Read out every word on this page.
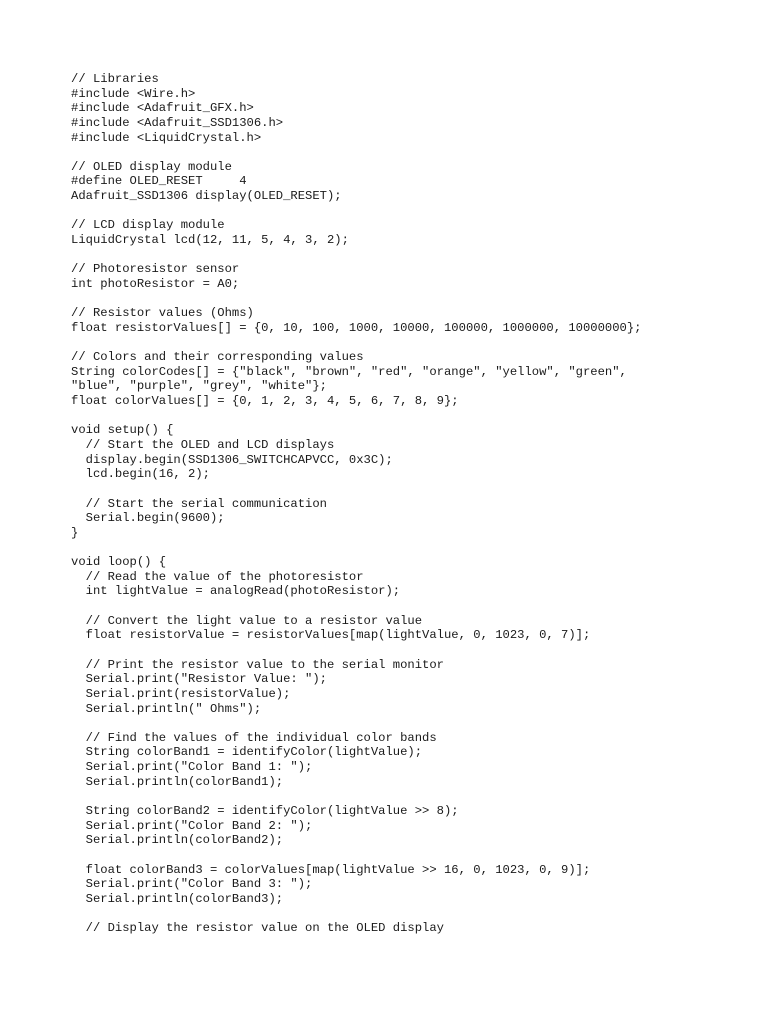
// Libraries
#include <Wire.h>
#include <Adafruit_GFX.h>
#include <Adafruit_SSD1306.h>
#include <LiquidCrystal.h>
// OLED display module
#define OLED_RESET     4
Adafruit_SSD1306 display(OLED_RESET);
// LCD display module
LiquidCrystal lcd(12, 11, 5, 4, 3, 2);
// Photoresistor sensor
int photoResistor = A0;
// Resistor values (Ohms)
float resistorValues[] = {0, 10, 100, 1000, 10000, 100000, 1000000, 10000000};
// Colors and their corresponding values
String colorCodes[] = {"black", "brown", "red", "orange", "yellow", "green",
"blue", "purple", "grey", "white"};
float colorValues[] = {0, 1, 2, 3, 4, 5, 6, 7, 8, 9};
void setup() {
// Start the OLED and LCD displays
display.begin(SSD1306_SWITCHCAPVCC, 0x3C);
lcd.begin(16, 2);
// Start the serial communication
Serial.begin(9600);
}
void loop() {
// Read the value of the photoresistor
int lightValue = analogRead(photoResistor);
// Convert the light value to a resistor value
float resistorValue = resistorValues[map(lightValue, 0, 1023, 0, 7)];
// Print the resistor value to the serial monitor
Serial.print("Resistor Value: ");
Serial.print(resistorValue);
Serial.println(" Ohms");
// Find the values of the individual color bands
String colorBand1 = identifyColor(lightValue);
Serial.print("Color Band 1: ");
Serial.println(colorBand1);
String colorBand2 = identifyColor(lightValue >> 8);
Serial.print("Color Band 2: ");
Serial.println(colorBand2);
float colorBand3 = colorValues[map(lightValue >> 16, 0, 1023, 0, 9)];
Serial.print("Color Band 3: ");
Serial.println(colorBand3);
// Display the resistor value on the OLED display
